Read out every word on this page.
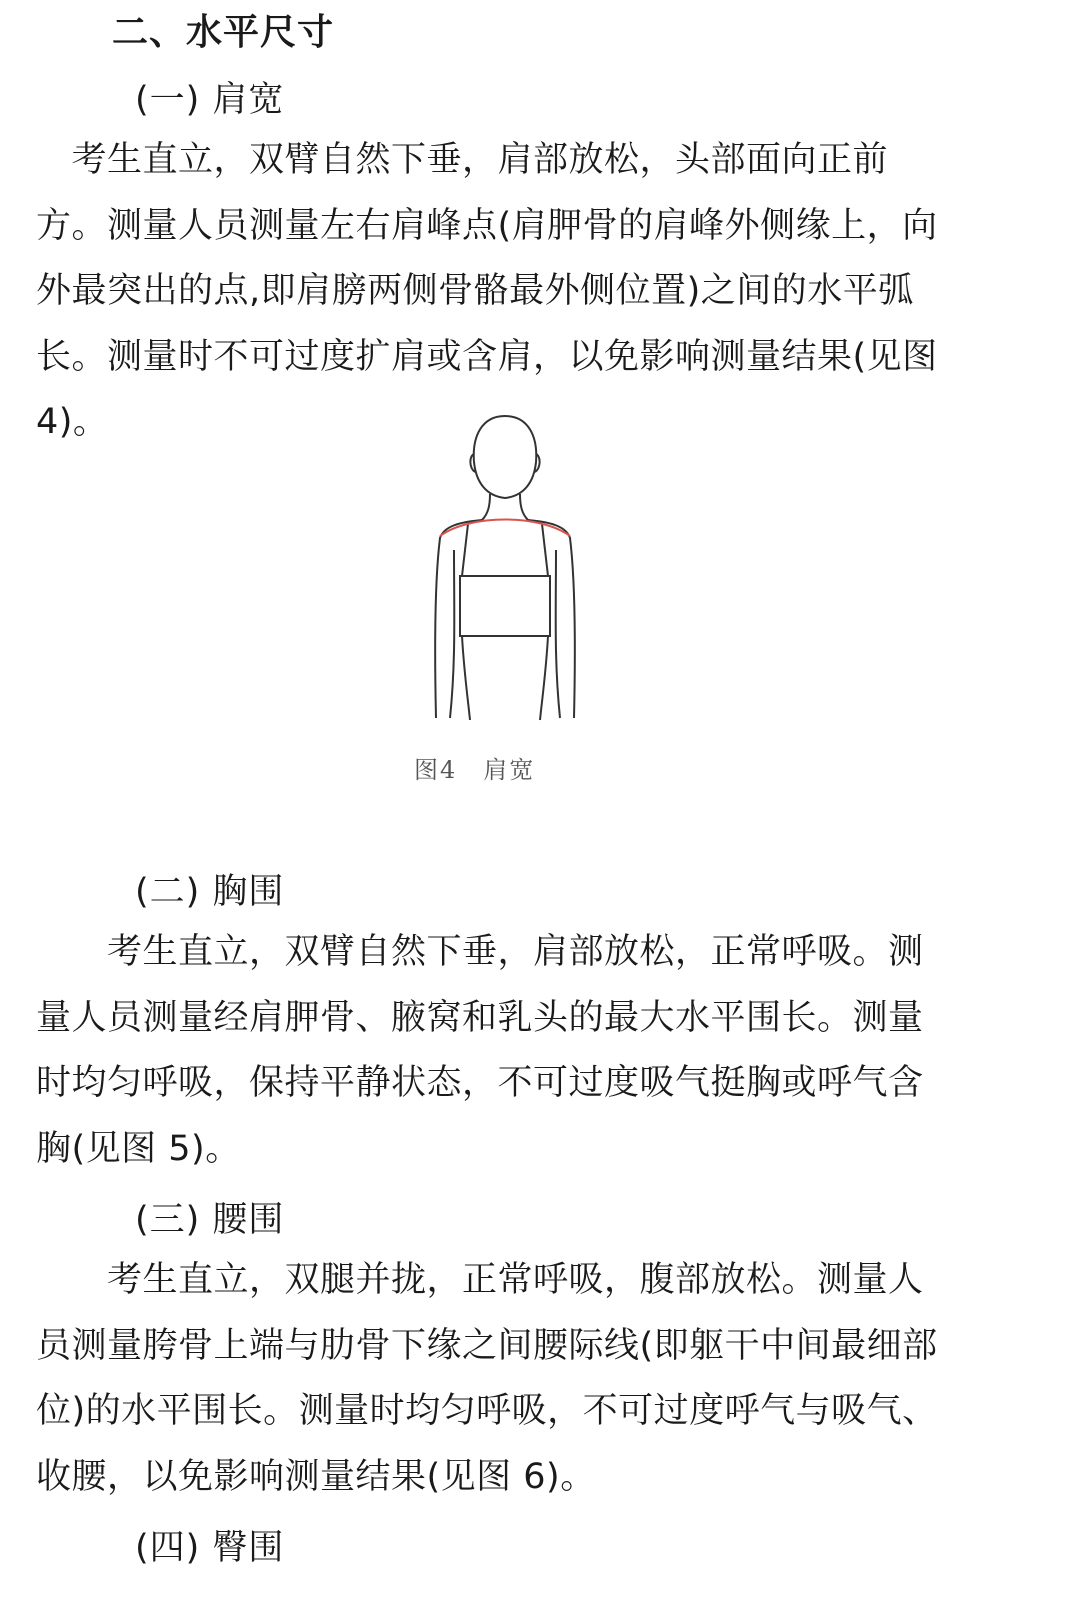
二、水平尺寸
(一) 肩宽
　考生直立，双臂自然下垂，肩部放松，头部面向正前
方。测量人员测量左右肩峰点(肩胛骨的肩峰外侧缘上，向
外最突出的点,即肩膀两侧骨骼最外侧位置)之间的水平弧
长。测量时不可过度扩肩或含肩，以免影响测量结果(见图
4)。
图4　肩宽
(二) 胸围
　　考生直立，双臂自然下垂，肩部放松，正常呼吸。测
量人员测量经肩胛骨、腋窝和乳头的最大水平围长。测量
时均匀呼吸，保持平静状态，不可过度吸气挺胸或呼气含
胸(见图 5)。
(三) 腰围
　　考生直立，双腿并拢，正常呼吸，腹部放松。测量人
员测量胯骨上端与肋骨下缘之间腰际线(即躯干中间最细部
位)的水平围长。测量时均匀呼吸，不可过度呼气与吸气、
收腰，以免影响测量结果(见图 6)。
(四) 臀围
